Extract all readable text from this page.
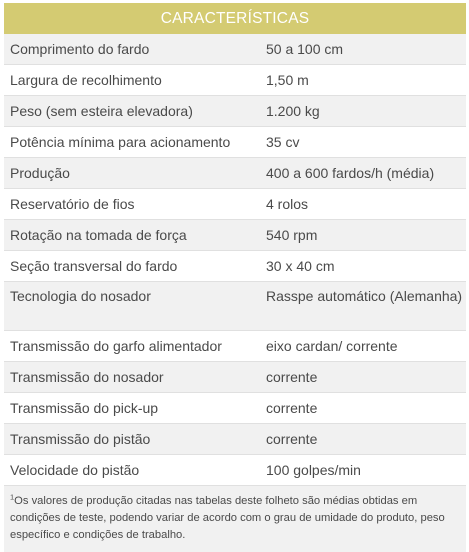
CARACTERÍSTICAS
Comprimento do fardo	50 a 100 cm
Largura de recolhimento	1,50 m
Peso (sem esteira elevadora)	1.200 kg
Potência mínima para acionamento	35 cv
Produção	400 a 600 fardos/h (média)
Reservatório de fios	4 rolos
Rotação na tomada de força	540 rpm
Seção transversal do fardo	30 x 40 cm
Tecnologia do nosador	Rasspe automático (Alemanha)
Transmissão do garfo alimentador	eixo cardan/ corrente
Transmissão do nosador	corrente
Transmissão do pick-up	corrente
Transmissão do pistão	corrente
Velocidade do pistão	100 golpes/min
$^1$Os valores de produção citadas nas tabelas deste folheto são médias obtidas em condições de teste, podendo variar de acordo com o grau de umidade do produto, peso específico e condições de trabalho.
